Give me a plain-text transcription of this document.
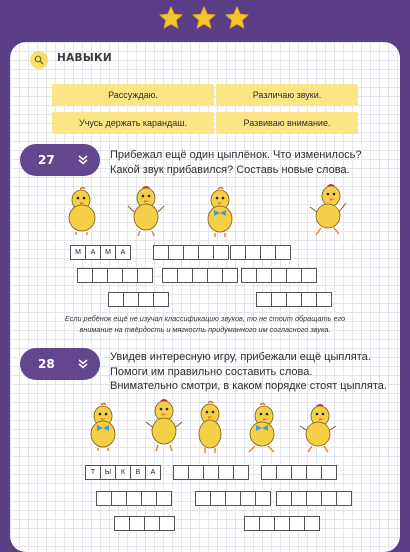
НАВЫКИ
Рассуждаю.	Различаю звуки.
Учусь держать карандаш.	Развиваю внимание.
27	Прибежал ещё один цыплёнок. Что изменилось?
Какой звук прибавился? Составь новые слова.
М	А	М	А
Если ребёнок ещё не изучал классификацию звуков, то не стоит обращать его
внимание на твёрдость и мягкость придуманного им согласного звука.
28	Увидев интересную игру, прибежали ещё цыплята.
Помоги им правильно составить слова.
Внимательно смотри, в каком порядке стоят цыплята.
Т	Ы	К	В	А
